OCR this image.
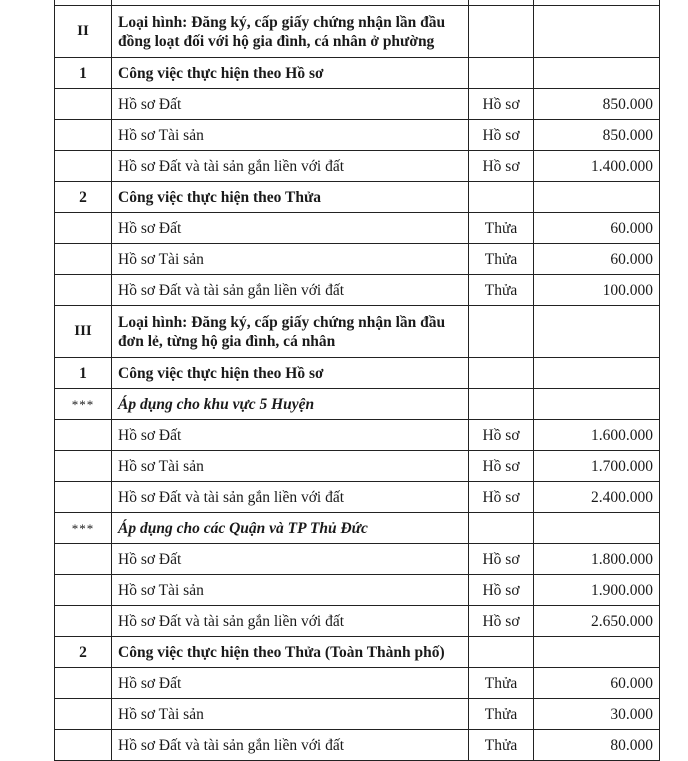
II	Loại hình: Đăng ký, cấp giấy chứng nhận lần đầu đồng loạt đối với hộ gia đình, cá nhân ở phường		
1	Công việc thực hiện theo Hồ sơ		
	Hồ sơ Đất	Hồ sơ	850.000
	Hồ sơ Tài sản	Hồ sơ	850.000
	Hồ sơ Đất và tài sản gắn liền với đất	Hồ sơ	1.400.000
2	Công việc thực hiện theo Thửa		
	Hồ sơ Đất	Thửa	60.000
	Hồ sơ Tài sản	Thửa	60.000
	Hồ sơ Đất và tài sản gắn liền với đất	Thửa	100.000
III	Loại hình: Đăng ký, cấp giấy chứng nhận lần đầu đơn lẻ, từng hộ gia đình, cá nhân		
1	Công việc thực hiện theo Hồ sơ		
***	Áp dụng cho khu vực 5 Huyện		
	Hồ sơ Đất	Hồ sơ	1.600.000
	Hồ sơ Tài sản	Hồ sơ	1.700.000
	Hồ sơ Đất và tài sản gắn liền với đất	Hồ sơ	2.400.000
***	Áp dụng cho các Quận và TP Thủ Đức		
	Hồ sơ Đất	Hồ sơ	1.800.000
	Hồ sơ Tài sản	Hồ sơ	1.900.000
	Hồ sơ Đất và tài sản gắn liền với đất	Hồ sơ	2.650.000
2	Công việc thực hiện theo Thửa (Toàn Thành phố)		
	Hồ sơ Đất	Thửa	60.000
	Hồ sơ Tài sản	Thửa	30.000
	Hồ sơ Đất và tài sản gắn liền với đất	Thửa	80.000
